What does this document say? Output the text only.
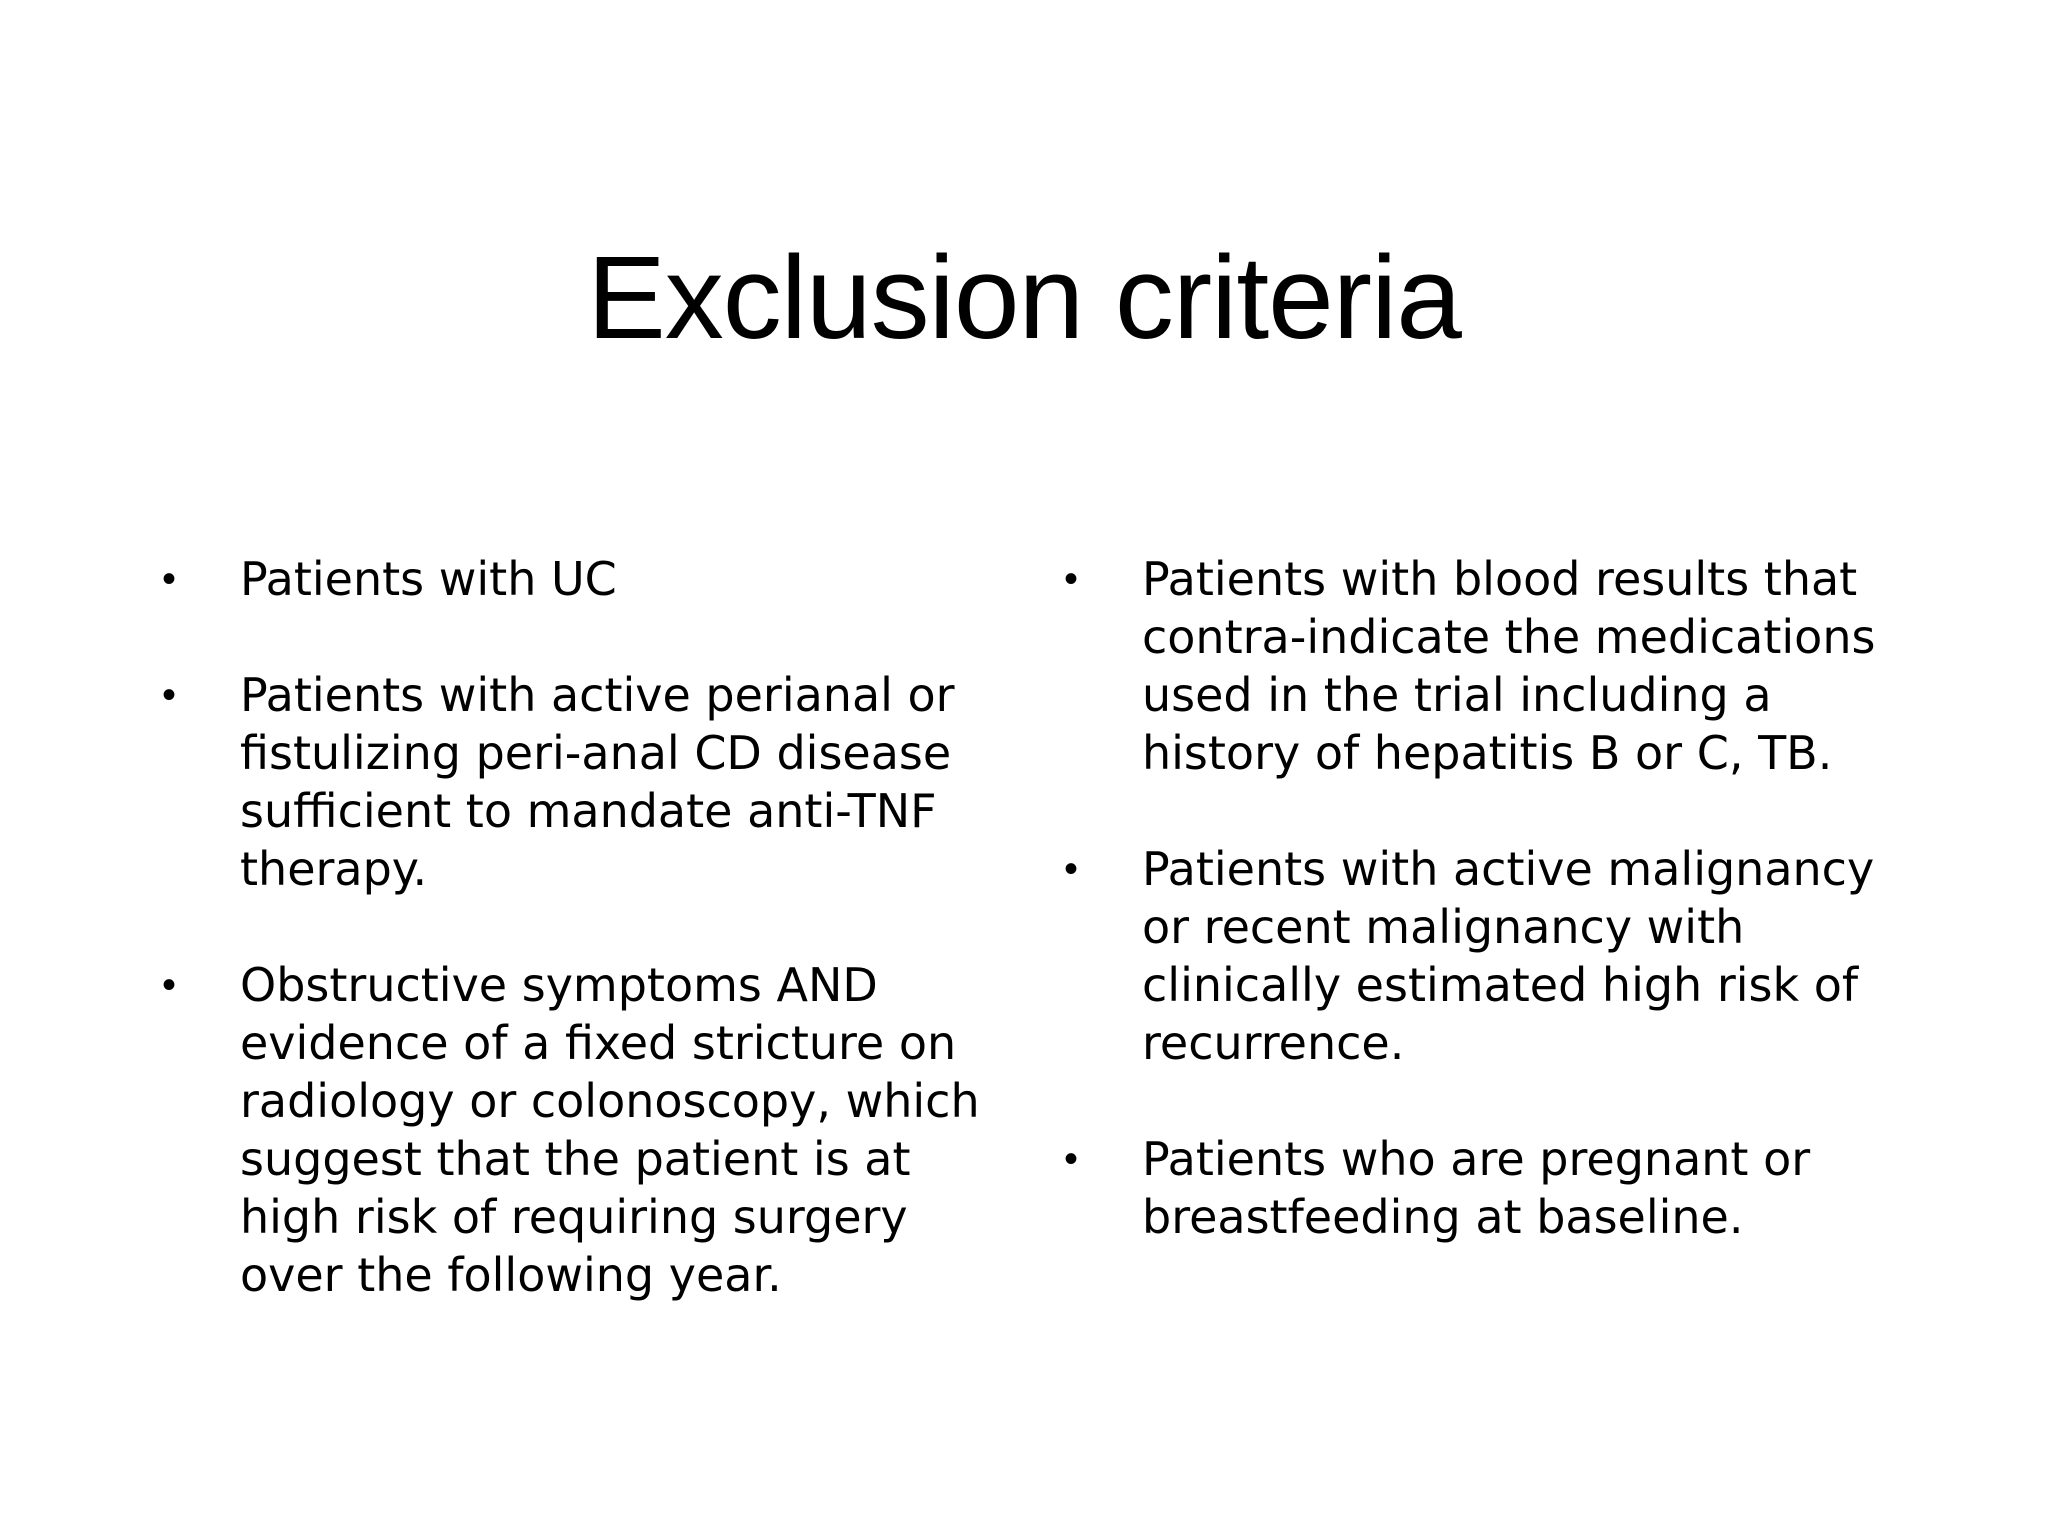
Exclusion criteria
• Patients with UC
• Patients with active perianal or fistulizing peri-anal CD disease sufficient to mandate anti-TNF therapy.
• Obstructive symptoms AND evidence of a fixed stricture on radiology or colonoscopy, which suggest that the patient is at high risk of requiring surgery over the following year.
• Patients with blood results that contra-indicate the medications used in the trial including a history of hepatitis B or C, TB.
• Patients with active malignancy or recent malignancy with clinically estimated high risk of recurrence.
• Patients who are pregnant or breastfeeding at baseline.
